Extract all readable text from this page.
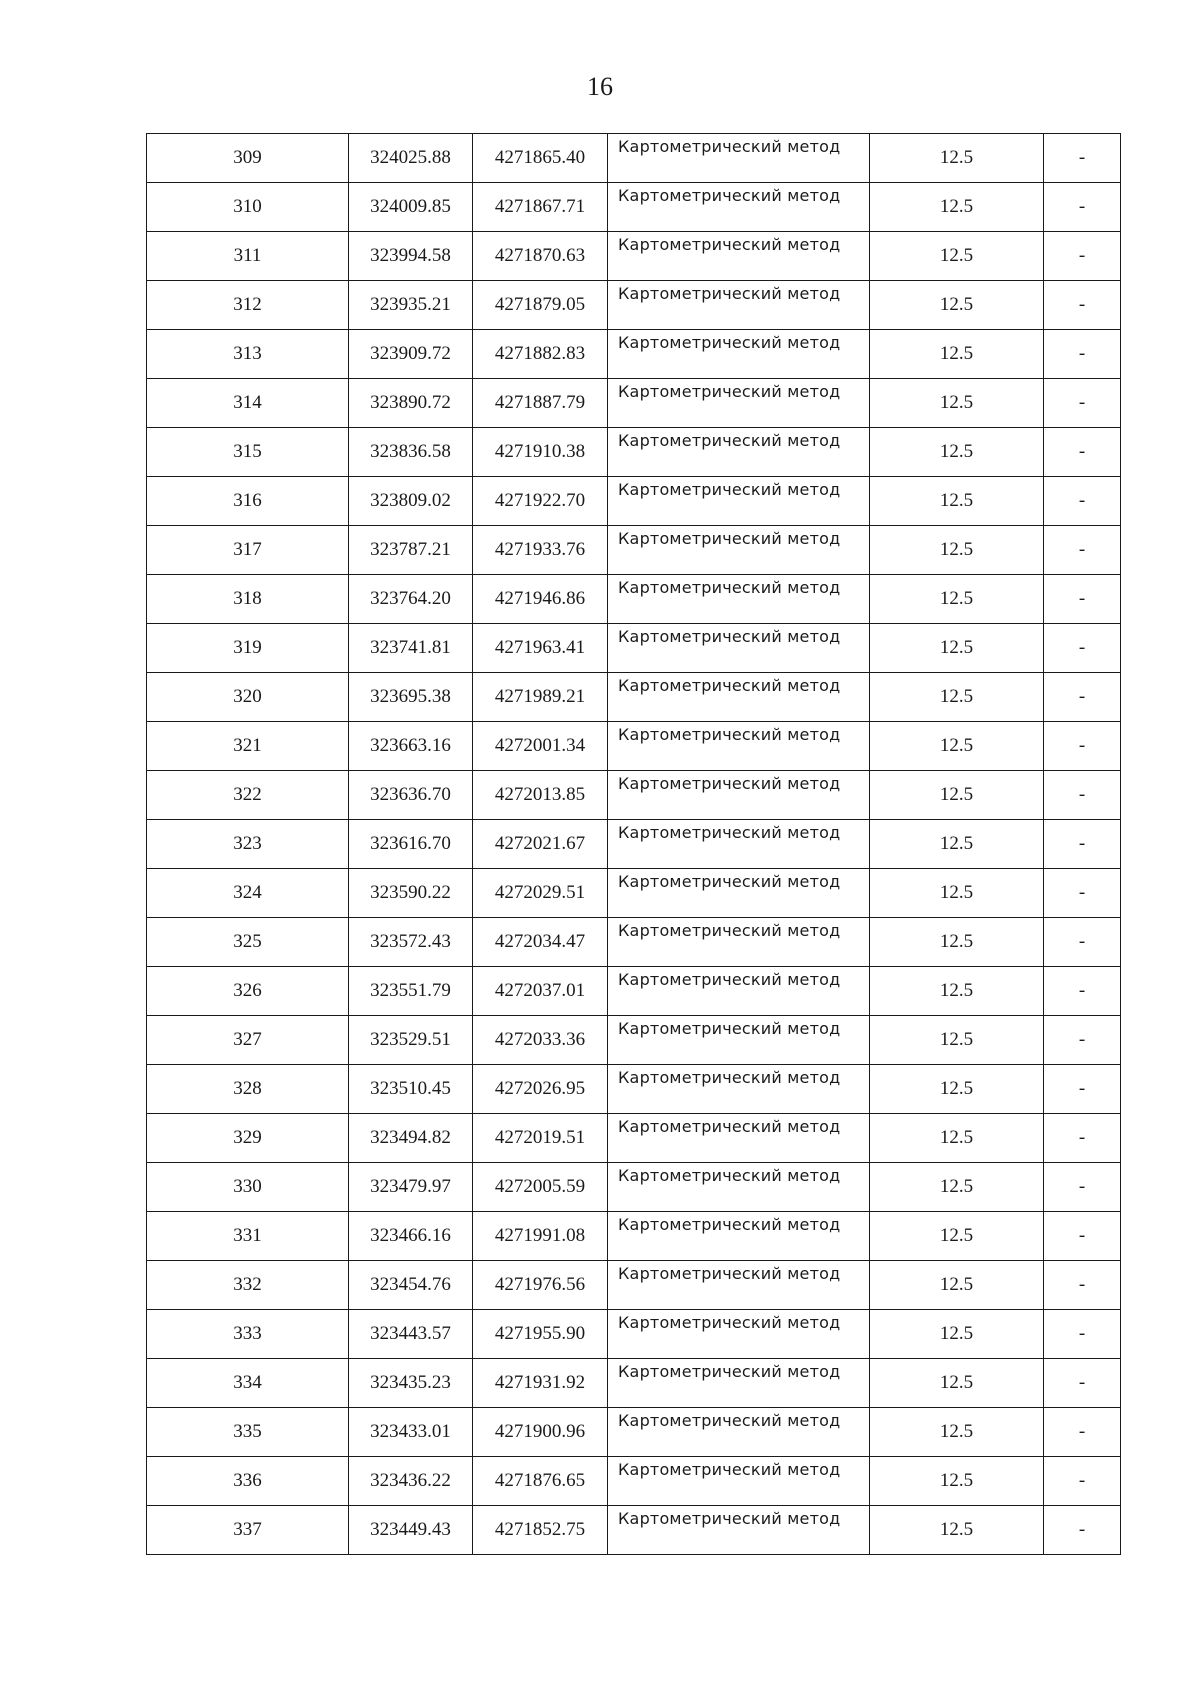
16
309	324025.88	4271865.40	Картометрический метод	12.5	-
310	324009.85	4271867.71	Картометрический метод	12.5	-
311	323994.58	4271870.63	Картометрический метод	12.5	-
312	323935.21	4271879.05	Картометрический метод	12.5	-
313	323909.72	4271882.83	Картометрический метод	12.5	-
314	323890.72	4271887.79	Картометрический метод	12.5	-
315	323836.58	4271910.38	Картометрический метод	12.5	-
316	323809.02	4271922.70	Картометрический метод	12.5	-
317	323787.21	4271933.76	Картометрический метод	12.5	-
318	323764.20	4271946.86	Картометрический метод	12.5	-
319	323741.81	4271963.41	Картометрический метод	12.5	-
320	323695.38	4271989.21	Картометрический метод	12.5	-
321	323663.16	4272001.34	Картометрический метод	12.5	-
322	323636.70	4272013.85	Картометрический метод	12.5	-
323	323616.70	4272021.67	Картометрический метод	12.5	-
324	323590.22	4272029.51	Картометрический метод	12.5	-
325	323572.43	4272034.47	Картометрический метод	12.5	-
326	323551.79	4272037.01	Картометрический метод	12.5	-
327	323529.51	4272033.36	Картометрический метод	12.5	-
328	323510.45	4272026.95	Картометрический метод	12.5	-
329	323494.82	4272019.51	Картометрический метод	12.5	-
330	323479.97	4272005.59	Картометрический метод	12.5	-
331	323466.16	4271991.08	Картометрический метод	12.5	-
332	323454.76	4271976.56	Картометрический метод	12.5	-
333	323443.57	4271955.90	Картометрический метод	12.5	-
334	323435.23	4271931.92	Картометрический метод	12.5	-
335	323433.01	4271900.96	Картометрический метод	12.5	-
336	323436.22	4271876.65	Картометрический метод	12.5	-
337	323449.43	4271852.75	Картометрический метод	12.5	-
